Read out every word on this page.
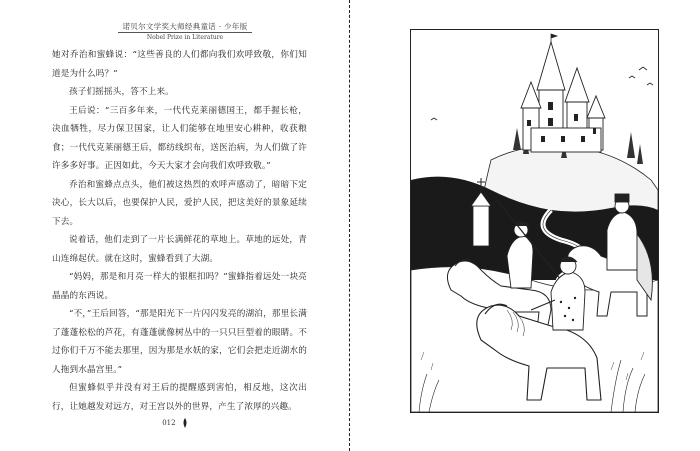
诺贝尔文学奖大师经典童话 · 少年版
Nobel Prize in Literature

她对乔治和蜜蜂说：“这些善良的人们都向我们欢呼致敬，你们知道是为什么吗？”

孩子们摇摇头，答不上来。

王后说：“三百多年来，一代代克莱丽德国王，都手握长枪，决血牺牲，尽力保卫国家，让人们能够在地里安心耕种，收获粮食；一代代克莱丽德王后，都纺线织布，送医治病，为人们做了许许多多好事。正因如此，今天大家才会向我们欢呼致敬。”

乔治和蜜蜂点点头，他们被这热烈的欢呼声感动了，暗暗下定决心，长大以后，也要保护人民，爱护人民，把这美好的景象延续下去。

说着话，他们走到了一片长满鲜花的草地上。草地的远处，青山连绵起伏。就在这时，蜜蜂看到了大湖。

“妈妈，那是和月亮一样大的银框扣吗？”蜜蜂指着远处一块亮晶晶的东西说。

“不，”王后回答，“那是阳光下一片闪闪发亮的湖泊，那里长满了蓬蓬松松的芦花，有蓬蓬就像树丛中的一只只巨型着的眼睛。不过你们千万不能去那里，因为那是水妖的家，它们会把走近湖水的人拖到水晶宫里。”

但蜜蜂似乎并没有对王后的提醒感到害怕，相反地，这次出行，让她越发对远方，对王宫以外的世界，产生了浓厚的兴趣。

012
